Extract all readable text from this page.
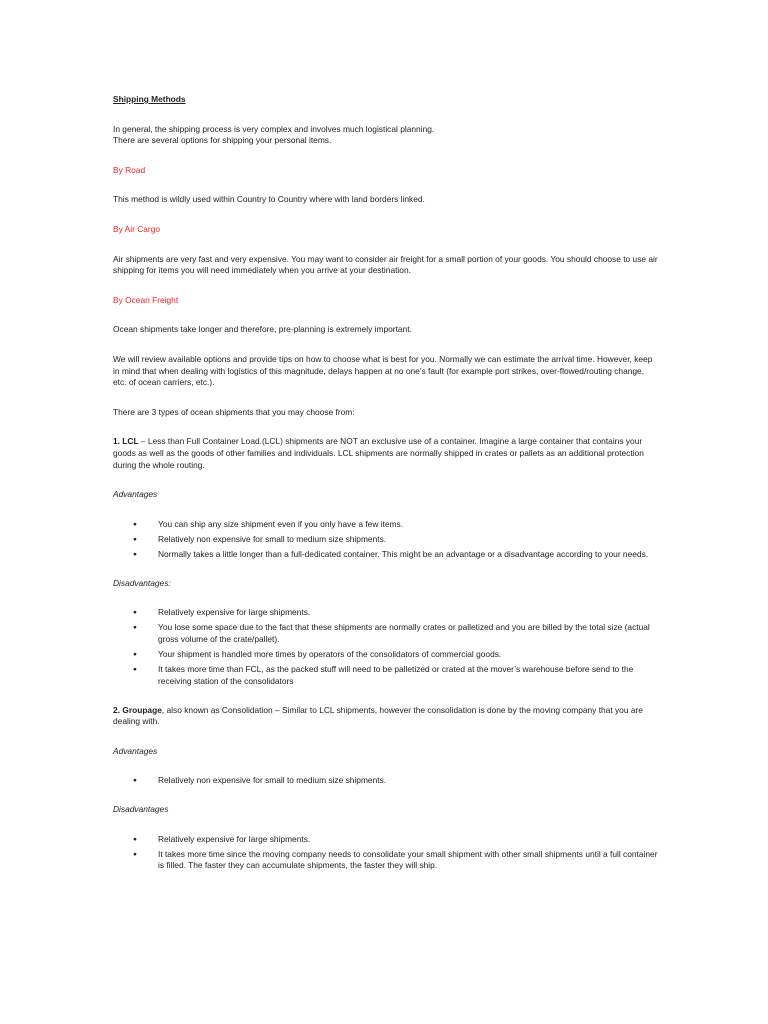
Shipping Methods

In general, the shipping process is very complex and involves much logistical planning.

There are several options for shipping your personal items.

By Road

This method is wildly used within Country to Country where with land borders linked.

By Air Cargo

Air shipments are very fast and very expensive. You may want to consider air freight for a small portion of your goods. You should choose to use air shipping for items you will need immediately when you arrive at your destination.

By Ocean Freight

Ocean shipments take longer and therefore, pre-planning is extremely important.

We will review available options and provide tips on how to choose what is best for you. Normally we can estimate the arrival time. However, keep in mind that when dealing with logistics of this magnitude, delays happen at no one’s fault (for example port strikes, over-flowed/routing change, etc. of ocean carriers, etc.).

There are 3 types of ocean shipments that you may choose from:

1. LCL – Less than Full Container Load.(LCL) shipments are NOT an exclusive use of a container. Imagine a large container that contains your goods as well as the goods of other families and individuals. LCL shipments are normally shipped in crates or pallets as an additional protection during the whole routing.

Advantages

● You can ship any size shipment even if you only have a few items.
● Relatively non expensive for small to medium size shipments.
● Normally takes a little longer than a full-dedicated container. This might be an advantage or a disadvantage according to your needs.

Disadvantages:

● Relatively expensive for large shipments.
● You lose some space due to the fact that these shipments are normally crates or palletized and you are billed by the total size (actual gross volume of the crate/pallet).
● Your shipment is handled more times by operators of the consolidators of commercial goods.
● It takes more time than FCL, as the packed stuff will need to be palletized or crated at the mover’s warehouse before send to the receiving station of the consolidators

2. Groupage, also known as Consolidation – Similar to LCL shipments, however the consolidation is done by the moving company that you are dealing with.

Advantages

● Relatively non expensive for small to medium size shipments.

Disadvantages

● Relatively expensive for large shipments.
● It takes more time since the moving company needs to consolidate your small shipment with other small shipments until a full container is filled. The faster they can accumulate shipments, the faster they will ship.
